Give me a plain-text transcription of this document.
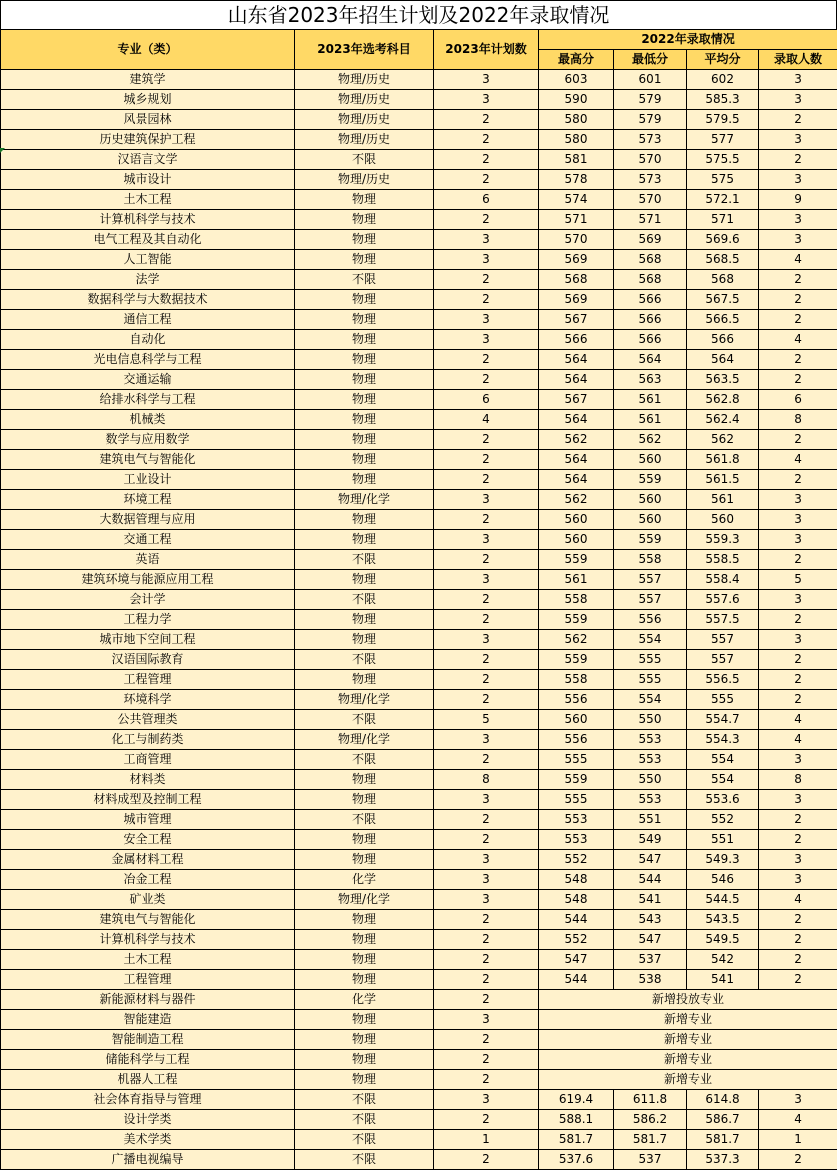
山东省2023年招生计划及2022年录取情况
专业（类）	2023年选考科目	2023年计划数	2022年录取情况			
			最高分	最低分	平均分	录取人数
建筑学	物理/历史	3	603	601	602	3
城乡规划	物理/历史	3	590	579	585.3	3
风景园林	物理/历史	2	580	579	579.5	2
历史建筑保护工程	物理/历史	2	580	573	577	3
汉语言文学	不限	2	581	570	575.5	2
城市设计	物理/历史	2	578	573	575	3
土木工程	物理	6	574	570	572.1	9
计算机科学与技术	物理	2	571	571	571	3
电气工程及其自动化	物理	3	570	569	569.6	3
人工智能	物理	3	569	568	568.5	4
法学	不限	2	568	568	568	2
数据科学与大数据技术	物理	2	569	566	567.5	2
通信工程	物理	3	567	566	566.5	2
自动化	物理	3	566	566	566	4
光电信息科学与工程	物理	2	564	564	564	2
交通运输	物理	2	564	563	563.5	2
给排水科学与工程	物理	6	567	561	562.8	6
机械类	物理	4	564	561	562.4	8
数学与应用数学	物理	2	562	562	562	2
建筑电气与智能化	物理	2	564	560	561.8	4
工业设计	物理	2	564	559	561.5	2
环境工程	物理/化学	3	562	560	561	3
大数据管理与应用	物理	2	560	560	560	3
交通工程	物理	3	560	559	559.3	3
英语	不限	2	559	558	558.5	2
建筑环境与能源应用工程	物理	3	561	557	558.4	5
会计学	不限	2	558	557	557.6	3
工程力学	物理	2	559	556	557.5	2
城市地下空间工程	物理	3	562	554	557	3
汉语国际教育	不限	2	559	555	557	2
工程管理	物理	2	558	555	556.5	2
环境科学	物理/化学	2	556	554	555	2
公共管理类	不限	5	560	550	554.7	4
化工与制药类	物理/化学	3	556	553	554.3	4
工商管理	不限	2	555	553	554	3
材料类	物理	8	559	550	554	8
材料成型及控制工程	物理	3	555	553	553.6	3
城市管理	不限	2	553	551	552	2
安全工程	物理	2	553	549	551	2
金属材料工程	物理	3	552	547	549.3	3
冶金工程	化学	3	548	544	546	3
矿业类	物理/化学	3	548	541	544.5	4
建筑电气与智能化	物理	2	544	543	543.5	2
计算机科学与技术	物理	2	552	547	549.5	2
土木工程	物理	2	547	537	542	2
工程管理	物理	2	544	538	541	2
新能源材料与器件	化学	2	新增投放专业			
智能建造	物理	3	新增专业			
智能制造工程	物理	2	新增专业			
储能科学与工程	物理	2	新增专业			
机器人工程	物理	2	新增专业			
社会体育指导与管理	不限	3	619.4	611.8	614.8	3
设计学类	不限	2	588.1	586.2	586.7	4
美术学类	不限	1	581.7	581.7	581.7	1
广播电视编导	不限	2	537.6	537	537.3	2
